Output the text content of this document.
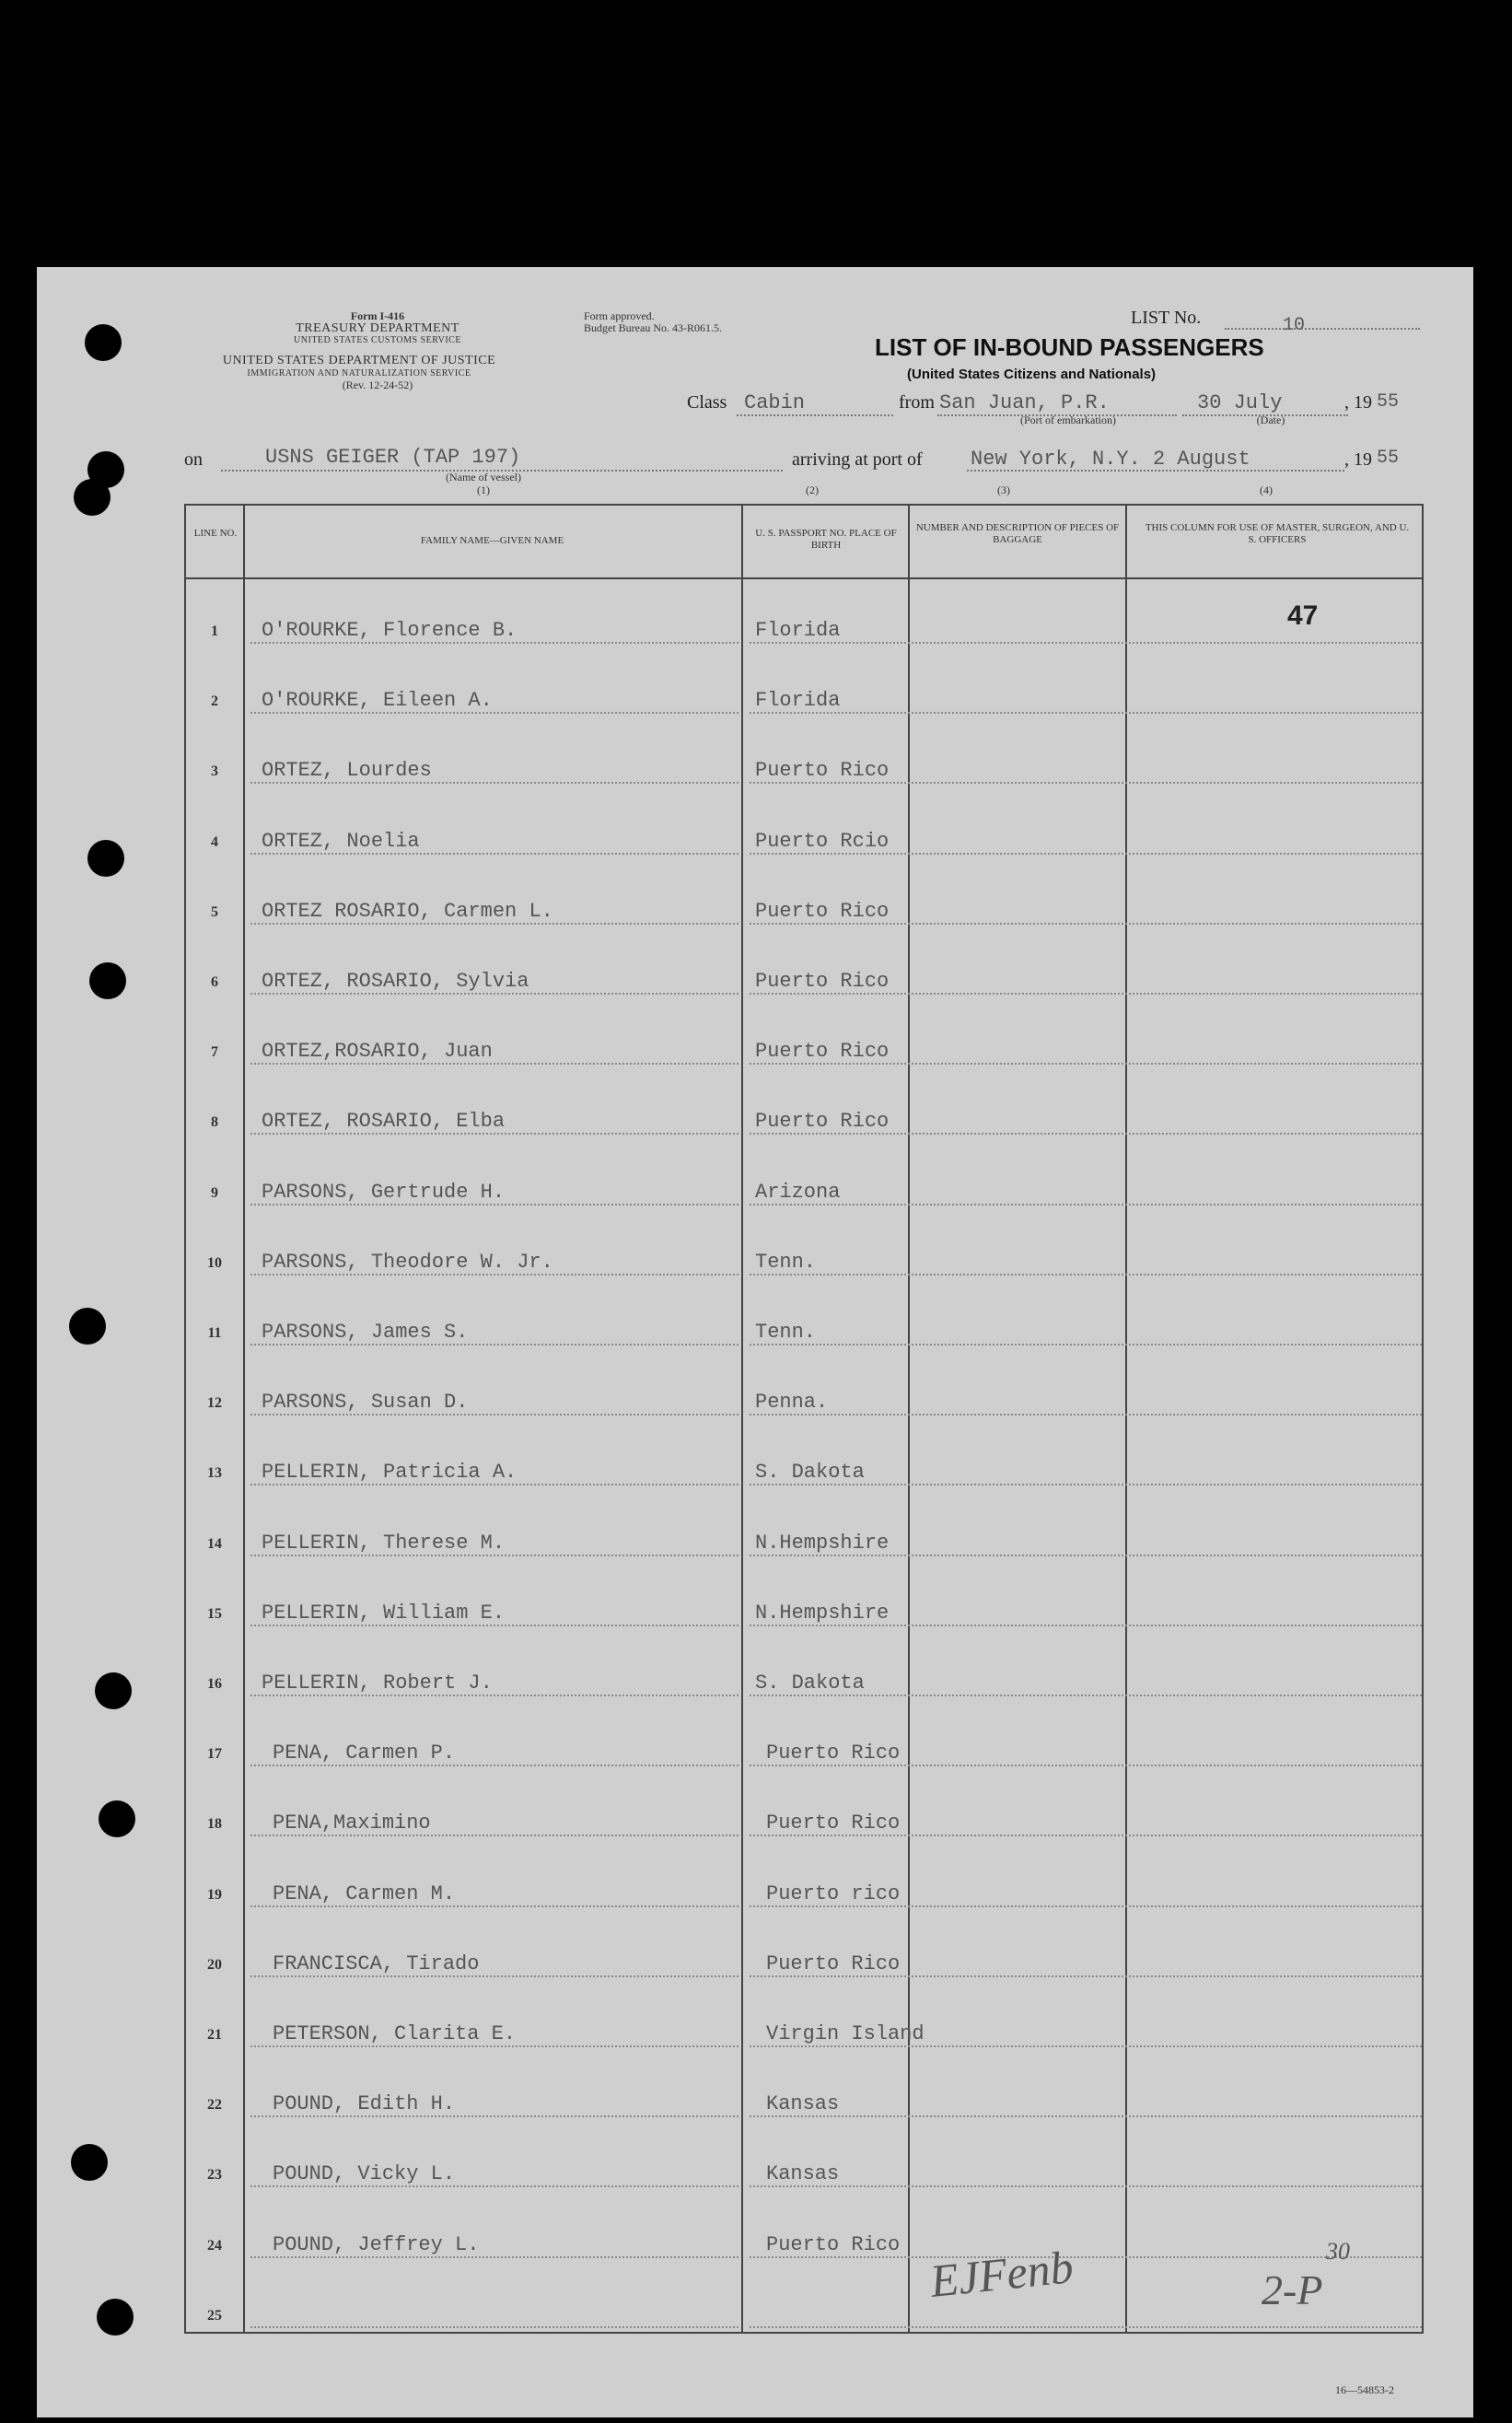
Form I-416
TREASURY DEPARTMENT
UNITED STATES CUSTOMS SERVICE
UNITED STATES DEPARTMENT OF JUSTICE
IMMIGRATION AND NATURALIZATION SERVICE
(Rev. 12-24-52)
Form approved.
Budget Bureau No. 43-R061.5.	LIST No.	10
LIST OF IN-BOUND PASSENGERS
(United States Citizens and Nationals)
Class Cabin	from San Juan, P.R.
(Port of embarkation)
30 July
(Date)
, 19 55
on	USNS GEIGER (TAP 197)
(Name of vessel)
(1)
arriving at port of New York, N.Y. 2 August	, 19 55
(2)	(3)	(4)
LINE NO.
FAMILY NAME—GIVEN NAME
U. S. PASSPORT NO. PLACE OF BIRTH
NUMBER AND DESCRIPTION OF PIECES OF BAGGAGE
THIS COLUMN FOR USE OF MASTER, SURGEON, AND U. S. OFFICERS
1	O'ROURKE, Florence B.	Florida
2	O'ROURKE, Eileen A.	Florida
3	ORTEZ, Lourdes	Puerto Rico
4	ORTEZ, Noelia	Puerto Rcio
5	ORTEZ ROSARIO, Carmen L.	Puerto Rico
6	ORTEZ, ROSARIO, Sylvia	Puerto Rico
7	ORTEZ,ROSARIO, Juan	Puerto Rico
8	ORTEZ, ROSARIO, Elba	Puerto Rico
9	PARSONS, Gertrude H.	Arizona
10	PARSONS, Theodore W. Jr.	Tenn.
11	PARSONS, James S.	Tenn.
12	PARSONS, Susan D.	Penna.
13	PELLERIN, Patricia A.	S. Dakota
14	PELLERIN, Therese M.	N.Hempshire
15	PELLERIN, William E.	N.Hempshire
16	PELLERIN, Robert J.	S. Dakota
17	PENA, Carmen P.	Puerto Rico
18	PENA,Maximino	Puerto Rico
19	PENA, Carmen M.	Puerto rico
20	FRANCISCA, Tirado	Puerto Rico
21	PETERSON, Clarita E.	Virgin Island
22	POUND, Edith H.	Kansas
23	POUND, Vicky L.	Kansas
24	POUND, Jeffrey L.	Puerto Rico
25
47
EJFenb	2-P
30
16—54853-2
